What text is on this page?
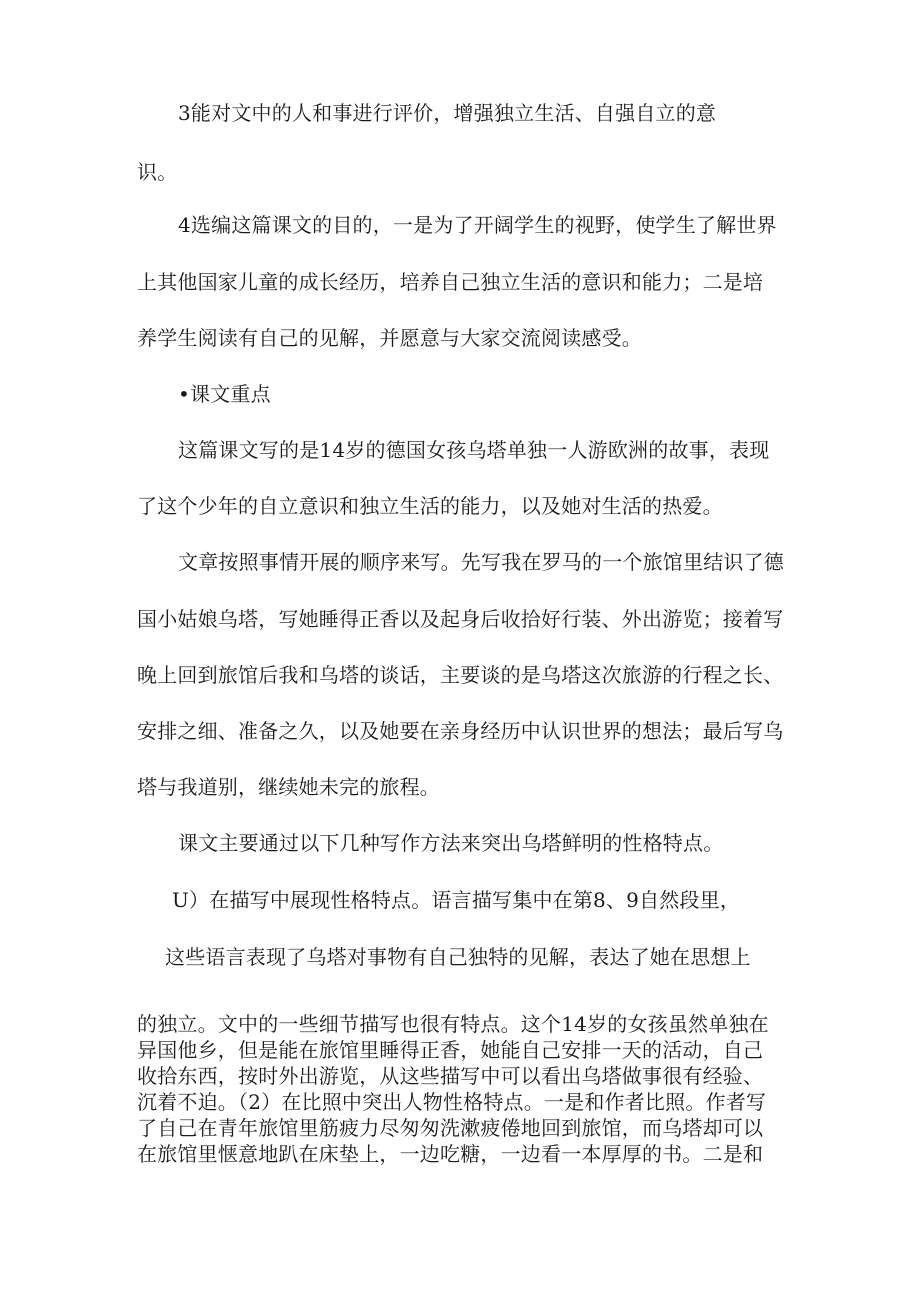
3能对文中的人和事进行评价，增强独立生活、自强自立的意
识。
4选编这篇课文的目的，一是为了开阔学生的视野，使学生了解世界
上其他国家儿童的成长经历，培养自己独立生活的意识和能力；二是培
养学生阅读有自己的见解，并愿意与大家交流阅读感受。
•课文重点
这篇课文写的是14岁的德国女孩乌塔单独一人游欧洲的故事，表现
了这个少年的自立意识和独立生活的能力，以及她对生活的热爱。
文章按照事情开展的顺序来写。先写我在罗马的一个旅馆里结识了德
国小姑娘乌塔，写她睡得正香以及起身后收拾好行装、外出游览；接着写
晚上回到旅馆后我和乌塔的谈话，主要谈的是乌塔这次旅游的行程之长、
安排之细、准备之久，以及她要在亲身经历中认识世界的想法；最后写乌
塔与我道别，继续她未完的旅程。
课文主要通过以下几种写作方法来突出乌塔鲜明的性格特点。
U）在描写中展现性格特点。语言描写集中在第8、9自然段里，
这些语言表现了乌塔对事物有自己独特的见解，表达了她在思想上
的独立。文中的一些细节描写也很有特点。这个14岁的女孩虽然单独在
异国他乡，但是能在旅馆里睡得正香，她能自己安排一天的活动，自己
收拾东西，按时外出游览，从这些描写中可以看出乌塔做事很有经验、
沉着不迫。（2）在比照中突出人物性格特点。一是和作者比照。作者写
了自己在青年旅馆里筋疲力尽匆匆洗漱疲倦地回到旅馆，而乌塔却可以
在旅馆里惬意地趴在床垫上，一边吃糖，一边看一本厚厚的书。二是和
